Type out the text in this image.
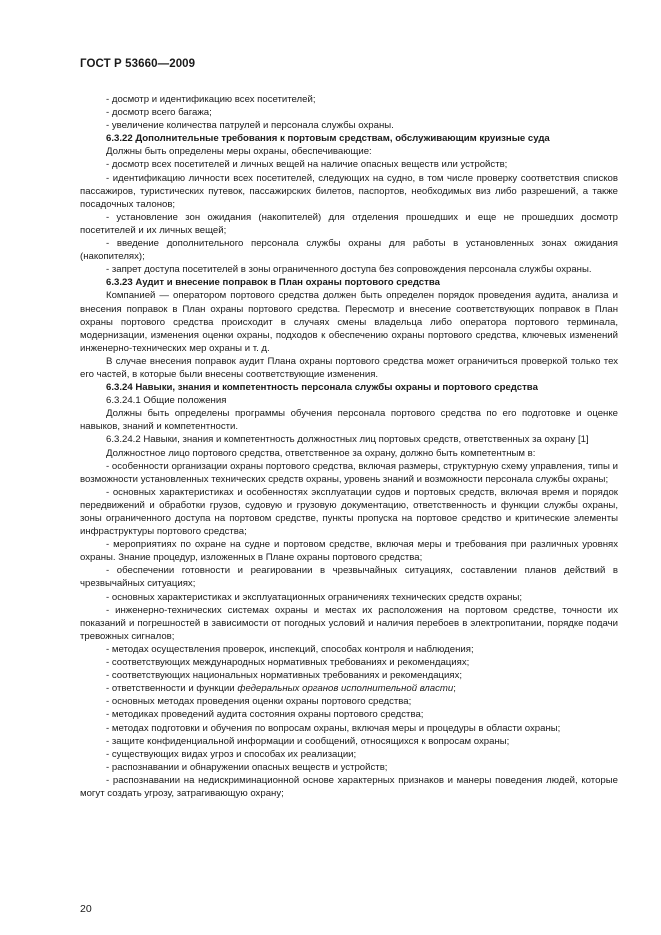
ГОСТ Р 53660—2009

- досмотр и идентификацию всех посетителей;

- досмотр всего багажа;

- увеличение количества патрулей и персонала службы охраны.

6.3.22 Дополнительные требования к портовым средствам, обслуживающим круизные суда

Должны быть определены меры охраны, обеспечивающие:

- досмотр всех посетителей и личных вещей на наличие опасных веществ или устройств;

- идентификацию личности всех посетителей, следующих на судно, в том числе проверку соответствия списков пассажиров, туристических путевок, пассажирских билетов, паспортов, необходимых виз либо разрешений, а также посадочных талонов;

- установление зон ожидания (накопителей) для отделения прошедших и еще не прошедших досмотр посетителей и их личных вещей;

- введение дополнительного персонала службы охраны для работы в установленных зонах ожидания (накопителях);

- запрет доступа посетителей в зоны ограниченного доступа без сопровождения персонала службы охраны.

6.3.23 Аудит и внесение поправок в План охраны портового средства

Компанией — оператором портового средства должен быть определен порядок проведения аудита, анализа и внесения поправок в План охраны портового средства. Пересмотр и внесение соответствующих поправок в План охраны портового средства происходит в случаях смены владельца либо оператора портового терминала, модернизации, изменения оценки охраны, подходов к обеспечению охраны портового средства, ключевых изменений инженерно-технических мер охраны и т. д.

В случае внесения поправок аудит Плана охраны портового средства может ограничиться проверкой только тех его частей, в которые были внесены соответствующие изменения.

6.3.24 Навыки, знания и компетентность персонала службы охраны и портового средства

6.3.24.1 Общие положения

Должны быть определены программы обучения персонала портового средства по его подготовке и оценке навыков, знаний и компетентности.

6.3.24.2 Навыки, знания и компетентность должностных лиц портовых средств, ответственных за охрану [1]

Должностное лицо портового средства, ответственное за охрану, должно быть компетентным в:

- особенности организации охраны портового средства, включая размеры, структурную схему управления, типы и возможности установленных технических средств охраны, уровень знаний и возможности персонала службы охраны;

- основных характеристиках и особенностях эксплуатации судов и портовых средств, включая время и порядок передвижений и обработки грузов, судовую и грузовую документацию, ответственность и функции службы охраны, зоны ограниченного доступа на портовом средстве, пункты пропуска на портовое средство и критические элементы инфраструктуры портового средства;

- мероприятиях по охране на судне и портовом средстве, включая меры и требования при различных уровнях охраны. Знание процедур, изложенных в Плане охраны портового средства;

- обеспечении готовности и реагировании в чрезвычайных ситуациях, составлении планов действий в чрезвычайных ситуациях;

- основных характеристиках и эксплуатационных ограничениях технических средств охраны;

- инженерно-технических системах охраны и местах их расположения на портовом средстве, точности их показаний и погрешностей в зависимости от погодных условий и наличия перебоев в электропитании, порядке подачи тревожных сигналов;

- методах осуществления проверок, инспекций, способах контроля и наблюдения;

- соответствующих международных нормативных требованиях и рекомендациях;

- соответствующих национальных нормативных требованиях и рекомендациях;

- ответственности и функции федеральных органов исполнительной власти;

- основных методах проведения оценки охраны портового средства;

- методиках проведений аудита состояния охраны портового средства;

- методах подготовки и обучения по вопросам охраны, включая меры и процедуры в области охраны;

- защите конфиденциальной информации и сообщений, относящихся к вопросам охраны;

- существующих видах угроз и способах их реализации;

- распознавании и обнаружении опасных веществ и устройств;

- распознавании на недискриминационной основе характерных признаков и манеры поведения людей, которые могут создать угрозу, затрагивающую охрану;

20
